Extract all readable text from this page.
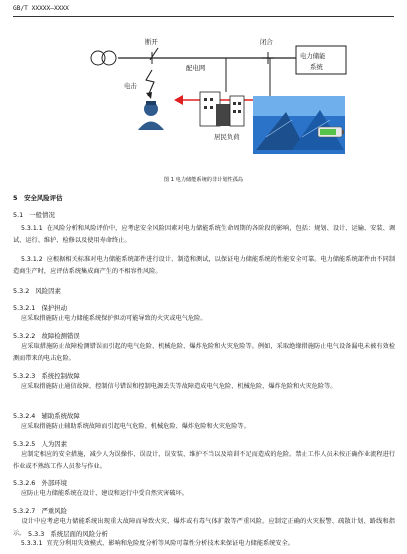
GB/T XXXXX—XXXX
断开	闭合
配电网
电力储能
系统
电击
居民负荷
图 1 电力储能系统的非计划性孤岛
5 安全风险评估
5.1 一般情况
5.3.1.1 在风险分析和风险评价中，应考虑安全风险因素对电力储能系统生命周期的各阶段的影响，包括：规划、设计、运输、安装、调试、运行、维护、检修以及使用寿命终止。
5.3.1.2 应根据相关标准对电力储能系统部件进行设计、制造和测试，以保证电力储能系统的性能安全可靠。电力储能系统部件由不同制造商生产时，应评估系统集成商产生的不相容性风险。
5.3.2 风险因素
5.3.2.1 保护担动
应采取措施防止电力储能系统保护担动可能导致的火灾或电气危险。
5.3.2.2 故障检测错误
应采取措施防止故障检测错误而引起的电气危险、机械危险、爆炸危险和火灾危险等。例如，采取绝缘措施防止电气设备漏电未被有效检测而带来的电击危险。
5.3.2.3 系统控制故障
应采取措施防止通信故障、控制信号错误和控制电源丢失等故障造成电气危险、机械危险、爆炸危险和火灾危险等。
5.3.2.4 辅助系统故障
应采取措施防止辅助系统故障而引起电气危险、机械危险、爆炸危险和火灾危险等。
5.3.2.5 人为因素
应制定相应的安全措施，减少人为误操作、误设计、误安装、维护不当以及培训不足而造成的危险。禁止工作人员未按正确作业流程进行作业或不熟练工作人员参与作业。
5.3.2.6 外部环境
应防止电力储能系统在设计、建设和运行中受自然灾害破坏。
5.3.2.7 严重风险
设计中应考虑电力储能系统出现重大故障而导致火灾、爆炸或有毒气体扩散等严重风险。应制定正确的火灾报警、疏散计划、路线和指示。 5.3.3 系统层面的风险分析
5.3.3.1 宜充分利用失效模式、影响和危险度分析等风险可靠性分析技术来保证电力储能系统安全。
